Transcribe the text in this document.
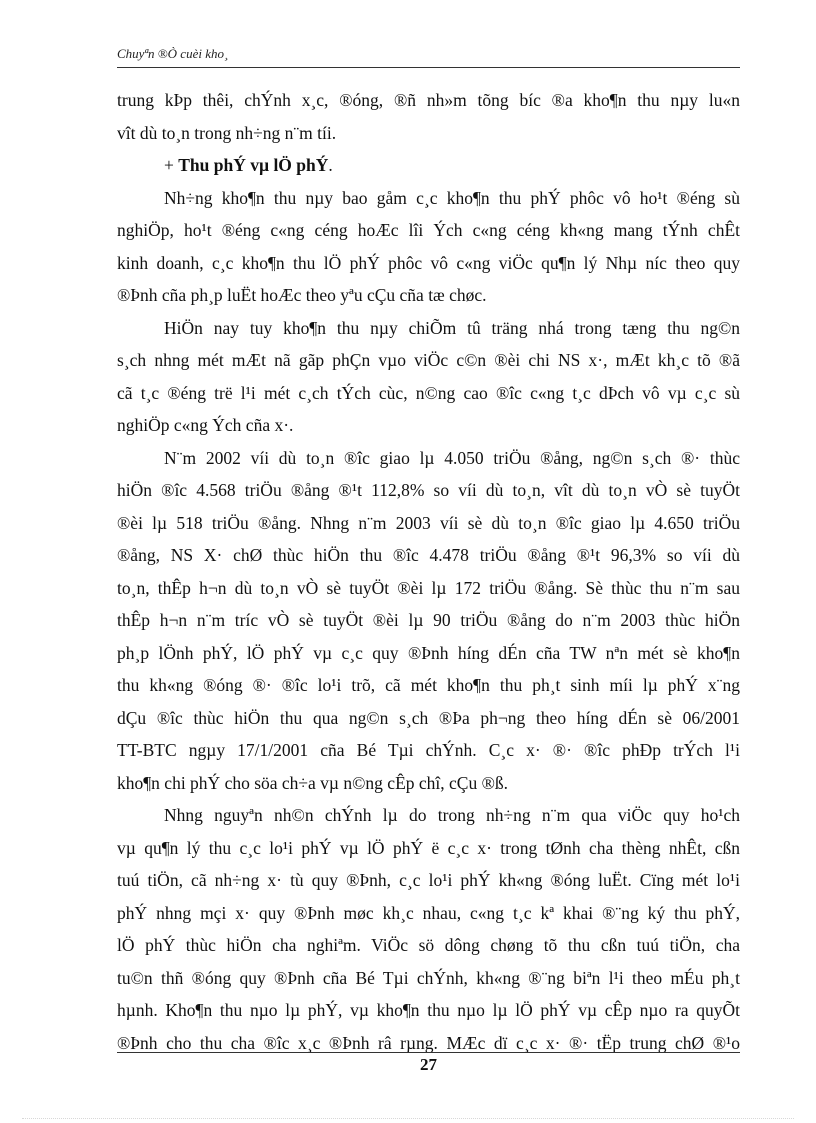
Chuyªn ®Ò cuèi kho¸
trung kÞp thêi, chÝnh x¸c, ®óng, ®ñ nh»m tõng bíc ®a kho¶n thu nµy lu«n
vît dù to¸n trong nh÷ng n¨m tíi.
+ Thu phÝ vµ lÖ phÝ.
Nh÷ng kho¶n thu nµy bao gåm c¸c kho¶n thu phÝ phôc vô ho¹t ®éng sù
nghiÖp, ho¹t ®éng c«ng céng hoÆc lîi Ých c«ng céng kh«ng mang tÝnh chÊt
kinh doanh, c¸c kho¶n thu lÖ phÝ phôc vô c«ng viÖc qu¶n lý Nhµ níc theo quy
®Þnh cña ph¸p luËt hoÆc theo yªu cÇu cña tæ chøc.
HiÖn nay tuy kho¶n thu nµy chiÕm tû träng nhá trong tæng thu ng©n
s¸ch nhng mét mÆt nã gãp phÇn vµo viÖc c©n ®èi chi NS x·, mÆt kh¸c tõ ®ã
cã t¸c ®éng trë l¹i mét c¸ch tÝch cùc, n©ng cao ®îc c«ng t¸c dÞch vô vµ c¸c sù
nghiÖp c«ng Ých cña x·.
N¨m 2002 víi dù to¸n ®îc giao lµ 4.050 triÖu ®ång, ng©n s¸ch ®· thùc
hiÖn ®îc 4.568 triÖu ®ång ®¹t 112,8% so víi dù to¸n, vît dù to¸n vÒ sè tuyÖt
®èi lµ 518 triÖu ®ång. Nhng n¨m 2003 víi sè dù to¸n ®îc giao lµ 4.650 triÖu
®ång, NS X· chØ thùc hiÖn thu ®îc 4.478 triÖu ®ång ®¹t 96,3% so víi dù
to¸n, thÊp h¬n dù to¸n vÒ sè tuyÖt ®èi lµ 172 triÖu ®ång. Sè thùc thu n¨m sau
thÊp h¬n n¨m tríc vÒ sè tuyÖt ®èi lµ 90 triÖu ®ång do n¨m 2003 thùc hiÖn
ph¸p lÖnh phÝ, lÖ phÝ vµ c¸c quy ®Þnh híng dÉn cña TW nªn mét sè kho¶n
thu kh«ng ®óng ®· ®îc lo¹i trõ, cã mét kho¶n thu ph¸t sinh míi lµ phÝ x¨ng
dÇu ®îc thùc hiÖn thu qua ng©n s¸ch ®Þa ph¬ng theo híng dÉn sè 06/2001
TT-BTC ngµy 17/1/2001 cña Bé Tµi chÝnh. C¸c x· ®· ®îc phÐp trÝch l¹i
kho¶n chi phÝ cho söa ch÷a vµ n©ng cÊp chî, cÇu ®ß.
Nhng nguyªn nh©n chÝnh lµ do trong nh÷ng n¨m qua viÖc quy ho¹ch
vµ qu¶n lý thu c¸c lo¹i phÝ vµ lÖ phÝ ë c¸c x· trong tØnh cha thèng nhÊt, cßn
tuú tiÖn, cã nh÷ng x· tù quy ®Þnh, c¸c lo¹i phÝ kh«ng ®óng luËt. Cïng mét lo¹i
phÝ nhng mçi x· quy ®Þnh møc kh¸c nhau, c«ng t¸c kª khai ®¨ng ký thu phÝ,
lÖ phÝ thùc hiÖn cha nghiªm. ViÖc sö dông chøng tõ thu cßn tuú tiÖn, cha
tu©n thñ ®óng quy ®Þnh cña Bé Tµi chÝnh, kh«ng ®¨ng biªn l¹i theo mÉu ph¸t
hµnh. Kho¶n thu nµo lµ phÝ, vµ kho¶n thu nµo lµ lÖ phÝ vµ cÊp nµo ra quyÕt
®Þnh cho thu cha ®îc x¸c ®Þnh râ rµng. MÆc dï c¸c x· ®· tËp trung chØ ®¹o
27
